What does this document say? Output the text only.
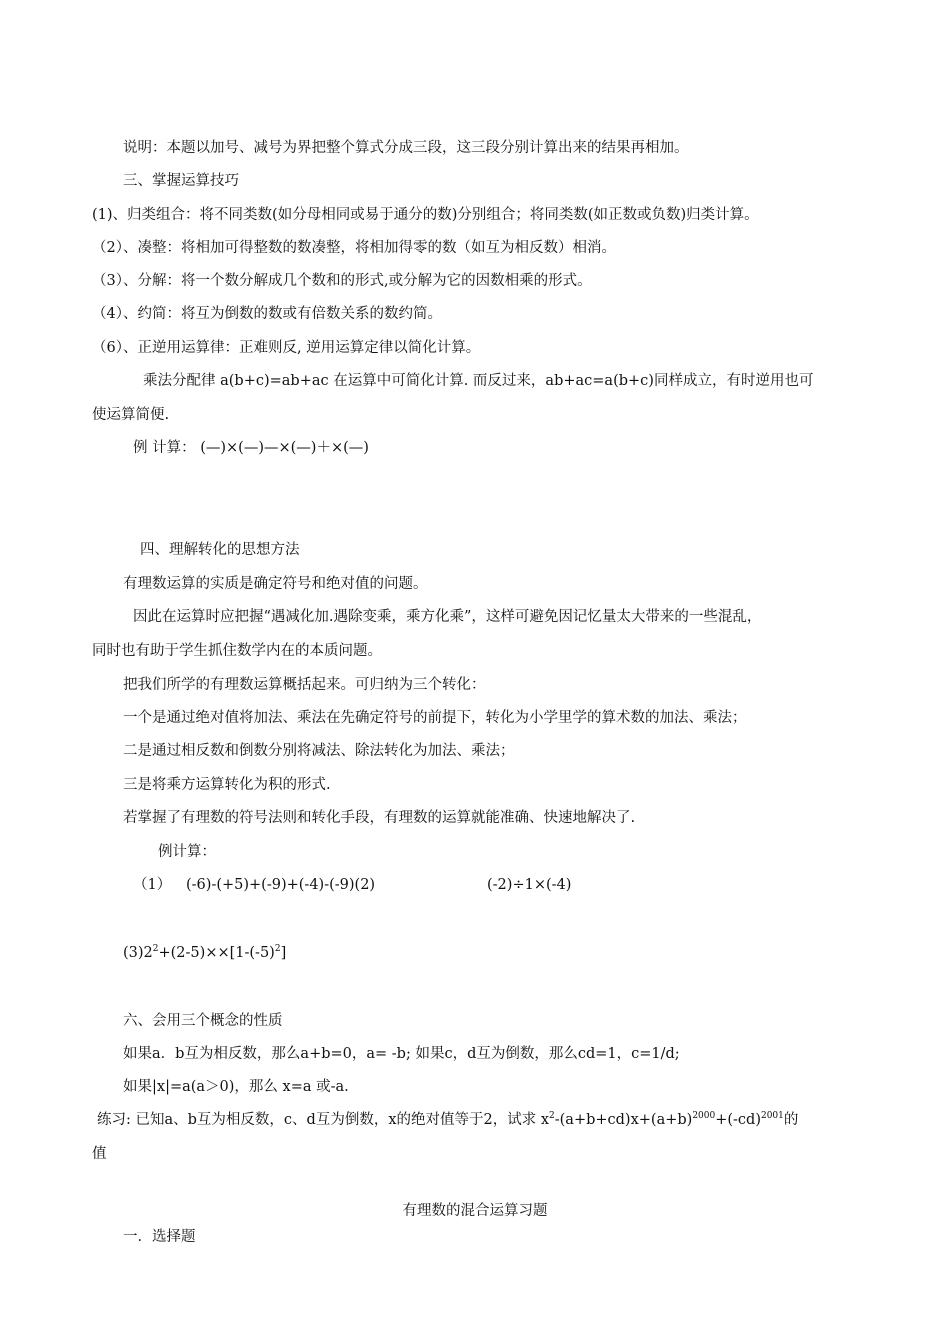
说明：本题以加号、减号为界把整个算式分成三段，这三段分别计算出来的结果再相加。
三、掌握运算技巧
(1)、归类组合：将不同类数(如分母相同或易于通分的数)分别组合；将同类数(如正数或负数)归类计算。
（2）、凑整：将相加可得整数的数凑整，将相加得零的数（如互为相反数）相消。
（3）、分解：将一个数分解成几个数和的形式,或分解为它的因数相乘的形式。
（4）、约简：将互为倒数的数或有倍数关系的数约简。
（6）、正逆用运算律：正难则反, 逆用运算定律以简化计算。
乘法分配律 a(b+c)=ab+ac 在运算中可简化计算. 而反过来，ab+ac=a(b+c)同样成立，有时逆用也可
使运算简便.
例 计算： (—)×(—)—×(—)＋×(—)
四、理解转化的思想方法
有理数运算的实质是确定符号和绝对值的问题。
因此在运算时应把握“遇减化加.遇除变乘，乘方化乘”，这样可避免因记忆量太大带来的一些混乱，
同时也有助于学生抓住数学内在的本质问题。
把我们所学的有理数运算概括起来。可归纳为三个转化：
一个是通过绝对值将加法、乘法在先确定符号的前提下，转化为小学里学的算术数的加法、乘法；
二是通过相反数和倒数分别将减法、除法转化为加法、乘法；
三是将乘方运算转化为积的形式.
若掌握了有理数的符号法则和转化手段，有理数的运算就能准确、快速地解决了.
例计算：
（1） (-6)-(+5)+(-9)+(-4)-(-9)(2)	(-2)÷1×(-4)
$(3)2^2+(2-5)\times\times[1-(-5)^2]$
六、会用三个概念的性质
如果a．b互为相反数，那么a+b=0，a= -b; 如果c，d互为倒数，那么cd=1，c=1/d;
如果|x|=a(a＞0)，那么 x=a 或-a.
练习: 已知a、b互为相反数，c、d互为倒数，x的绝对值等于2，试求 $x^2-(a+b+cd)x+(a+b)^{2000}+(-cd)^{2001}$的
值
有理数的混合运算习题
一．选择题
